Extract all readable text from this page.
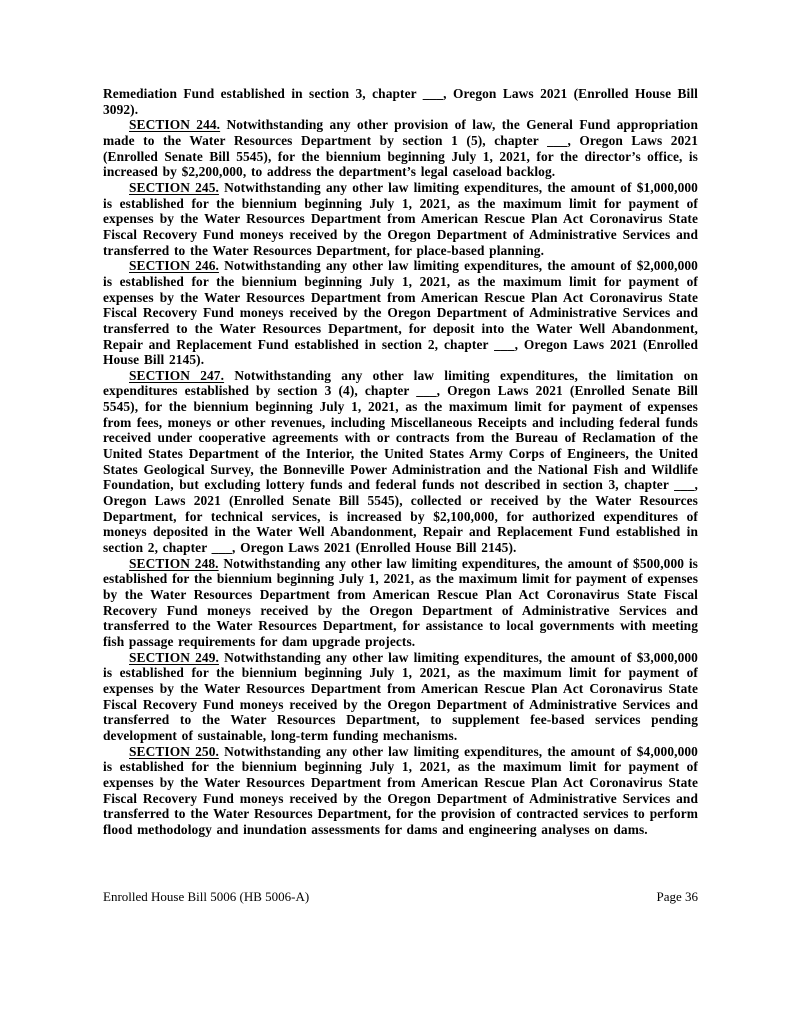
Remediation Fund established in section 3, chapter ___, Oregon Laws 2021 (Enrolled House Bill 3092).

SECTION 244. Notwithstanding any other provision of law, the General Fund appropriation made to the Water Resources Department by section 1 (5), chapter ___, Oregon Laws 2021 (Enrolled Senate Bill 5545), for the biennium beginning July 1, 2021, for the director’s office, is increased by $2,200,000, to address the department’s legal caseload backlog.

SECTION 245. Notwithstanding any other law limiting expenditures, the amount of $1,000,000 is established for the biennium beginning July 1, 2021, as the maximum limit for payment of expenses by the Water Resources Department from American Rescue Plan Act Coronavirus State Fiscal Recovery Fund moneys received by the Oregon Department of Administrative Services and transferred to the Water Resources Department, for place-based planning.

SECTION 246. Notwithstanding any other law limiting expenditures, the amount of $2,000,000 is established for the biennium beginning July 1, 2021, as the maximum limit for payment of expenses by the Water Resources Department from American Rescue Plan Act Coronavirus State Fiscal Recovery Fund moneys received by the Oregon Department of Administrative Services and transferred to the Water Resources Department, for deposit into the Water Well Abandonment, Repair and Replacement Fund established in section 2, chapter ___, Oregon Laws 2021 (Enrolled House Bill 2145).

SECTION 247. Notwithstanding any other law limiting expenditures, the limitation on expenditures established by section 3 (4), chapter ___, Oregon Laws 2021 (Enrolled Senate Bill 5545), for the biennium beginning July 1, 2021, as the maximum limit for payment of expenses from fees, moneys or other revenues, including Miscellaneous Receipts and including federal funds received under cooperative agreements with or contracts from the Bureau of Reclamation of the United States Department of the Interior, the United States Army Corps of Engineers, the United States Geological Survey, the Bonneville Power Administration and the National Fish and Wildlife Foundation, but excluding lottery funds and federal funds not described in section 3, chapter ___, Oregon Laws 2021 (Enrolled Senate Bill 5545), collected or received by the Water Resources Department, for technical services, is increased by $2,100,000, for authorized expenditures of moneys deposited in the Water Well Abandonment, Repair and Replacement Fund established in section 2, chapter ___, Oregon Laws 2021 (Enrolled House Bill 2145).

SECTION 248. Notwithstanding any other law limiting expenditures, the amount of $500,000 is established for the biennium beginning July 1, 2021, as the maximum limit for payment of expenses by the Water Resources Department from American Rescue Plan Act Coronavirus State Fiscal Recovery Fund moneys received by the Oregon Department of Administrative Services and transferred to the Water Resources Department, for assistance to local governments with meeting fish passage requirements for dam upgrade projects.

SECTION 249. Notwithstanding any other law limiting expenditures, the amount of $3,000,000 is established for the biennium beginning July 1, 2021, as the maximum limit for payment of expenses by the Water Resources Department from American Rescue Plan Act Coronavirus State Fiscal Recovery Fund moneys received by the Oregon Department of Administrative Services and transferred to the Water Resources Department, to supplement fee-based services pending development of sustainable, long-term funding mechanisms.

SECTION 250. Notwithstanding any other law limiting expenditures, the amount of $4,000,000 is established for the biennium beginning July 1, 2021, as the maximum limit for payment of expenses by the Water Resources Department from American Rescue Plan Act Coronavirus State Fiscal Recovery Fund moneys received by the Oregon Department of Administrative Services and transferred to the Water Resources Department, for the provision of contracted services to perform flood methodology and inundation assessments for dams and engineering analyses on dams.

Enrolled House Bill 5006 (HB 5006-A)	Page 36
